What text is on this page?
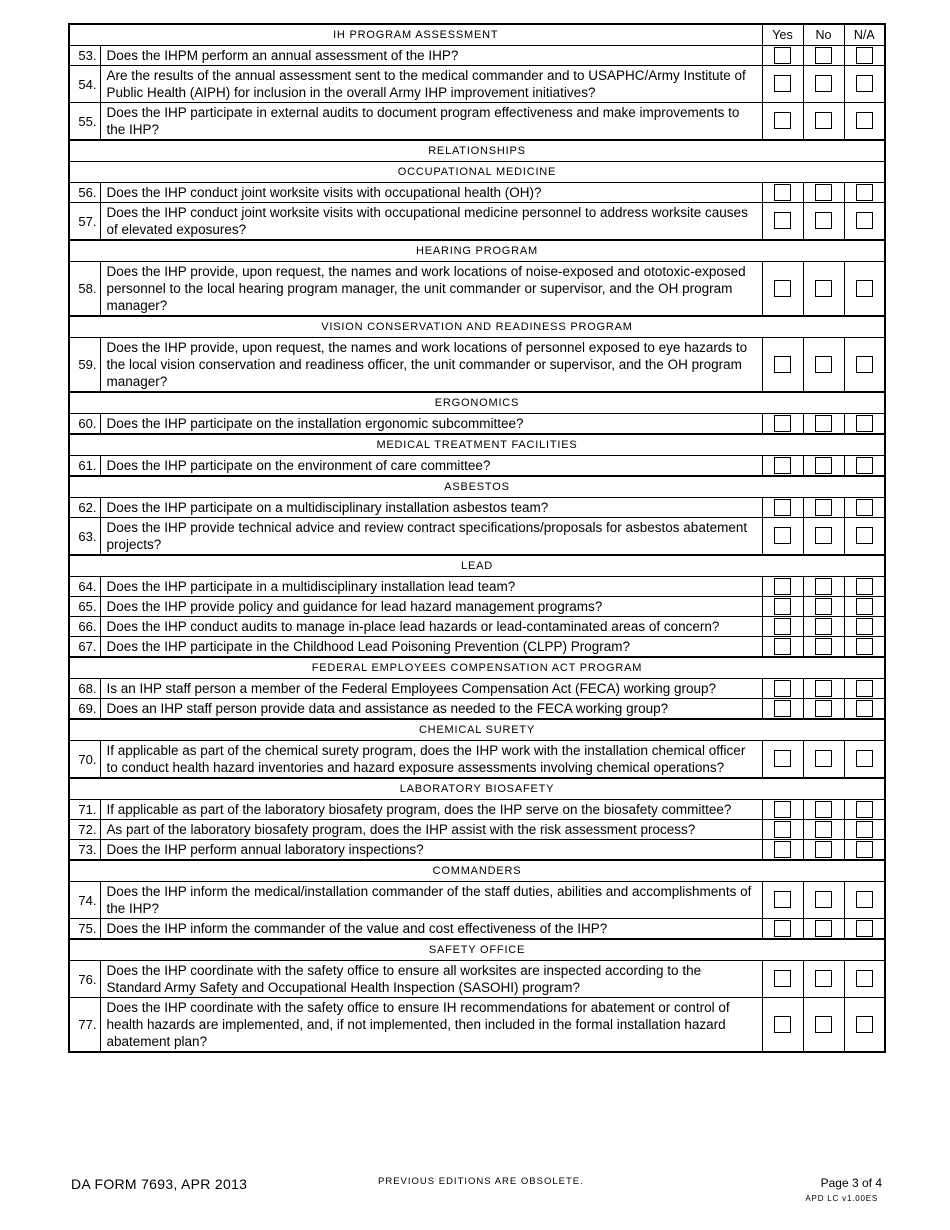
IH PROGRAM ASSESSMENT		Yes	No	N/A
53.	Does the IHPM perform an annual assessment of the IHP?			
54.	Are the results of the annual assessment sent to the medical commander and to USAPHC/Army Institute of Public Health (AIPH) for inclusion in the overall Army IHP improvement initiatives?			
55.	Does the IHP participate in external audits to document program effectiveness and make improvements to the IHP?			
RELATIONSHIPS				
OCCUPATIONAL MEDICINE				
56.	Does the IHP conduct joint worksite visits with occupational health (OH)?			
57.	Does the IHP conduct joint worksite visits with occupational medicine personnel to address worksite causes of elevated exposures?			
HEARING PROGRAM				
58.	Does the IHP provide, upon request, the names and work locations of noise-exposed and ototoxic-exposed personnel to the local hearing program manager, the unit commander or supervisor, and the OH program manager?			
VISION CONSERVATION AND READINESS PROGRAM				
59.	Does the IHP provide, upon request, the names and work locations of personnel exposed to eye hazards to the local vision conservation and readiness officer, the unit commander or supervisor, and the OH program manager?			
ERGONOMICS				
60.	Does the IHP participate on the installation ergonomic subcommittee?			
MEDICAL TREATMENT FACILITIES				
61.	Does the IHP participate on the environment of care committee?			
ASBESTOS				
62.	Does the IHP participate on a multidisciplinary installation asbestos team?			
63.	Does the IHP provide technical advice and review contract specifications/proposals for asbestos abatement projects?			
LEAD				
64.	Does the IHP participate in a multidisciplinary installation lead team?			
65.	Does the IHP provide policy and guidance for lead hazard management programs?			
66.	Does the IHP conduct audits to manage in-place lead hazards or lead-contaminated areas of concern?			
67.	Does the IHP participate in the Childhood Lead Poisoning Prevention (CLPP) Program?			
FEDERAL EMPLOYEES COMPENSATION ACT PROGRAM				
68.	Is an IHP staff person a member of the Federal Employees Compensation Act (FECA) working group?			
69.	Does an IHP staff person provide data and assistance as needed to the FECA working group?			
CHEMICAL SURETY				
70.	If applicable as part of the chemical surety program, does the IHP work with the installation chemical officer to conduct health hazard inventories and hazard exposure assessments involving chemical operations?			
LABORATORY BIOSAFETY				
71.	If applicable as part of the laboratory biosafety program, does the IHP serve on the biosafety committee?			
72.	As part of the laboratory biosafety program, does the IHP assist with the risk assessment process?			
73.	Does the IHP perform annual laboratory inspections?			
COMMANDERS				
74.	Does the IHP inform the medical/installation commander of the staff duties, abilities and accomplishments of the IHP?			
75.	Does the IHP inform the commander of the value and cost effectiveness of the IHP?			
SAFETY OFFICE				
76.	Does the IHP coordinate with the safety office to ensure all worksites are inspected according to the Standard Army Safety and Occupational Health Inspection (SASOHI) program?			
77.	Does the IHP coordinate with the safety office to ensure IH recommendations for abatement or control of health hazards are implemented, and, if not implemented, then included in the formal installation hazard abatement plan?			
DA FORM 7693, APR 2013	PREVIOUS EDITIONS ARE OBSOLETE.	Page 3 of 4
APD LC v1.00ES
